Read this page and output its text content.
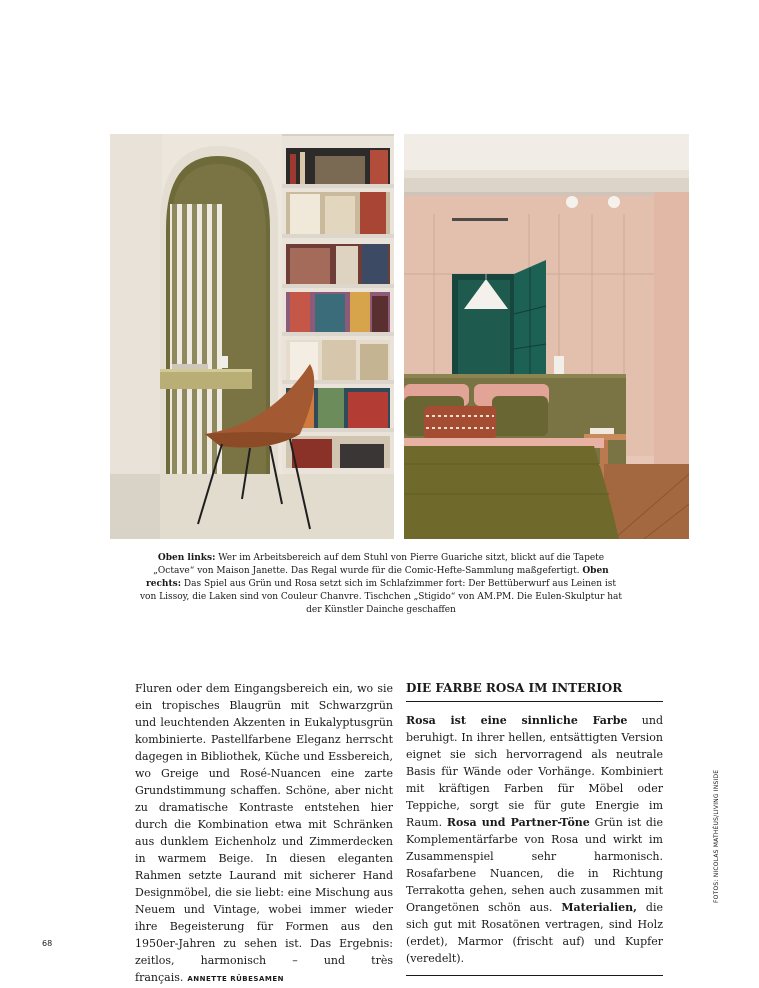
Oben links: Wer im Arbeitsbereich auf dem Stuhl von Pierre Guariche sitzt, blickt auf die Tapete „Octave“ von Maison Janette. Das Regal wurde für die Comic-Hefte-Sammlung maßgefertigt. Oben rechts: Das Spiel aus Grün und Rosa setzt sich im Schlafzimmer fort: Der Bettüberwurf aus Leinen ist von Lissoy, die Laken sind von Couleur Chanvre. Tischchen „Stigido“ von AM.PM. Die Eulen-Skulptur hat der Künstler Dainche geschaffen
Fluren oder dem Eingangsbereich ein, wo sie ein tropisches Blaugrün mit Schwarzgrün und leuchtenden Akzenten in Eukalyptusgrün kombinierte. Pastellfarbene Eleganz herrscht dagegen in Bibliothek, Küche und Essbereich, wo Greige und Rosé-Nuancen eine zarte Grundstimmung schaffen. Schöne, aber nicht zu dramatische Kontraste entstehen hier durch die Kombination etwa mit Schränken aus dunklem Eichenholz und Zimmerdecken in warmem Beige. In diesen eleganten Rahmen setzte Laurand mit sicherer Hand Designmöbel, die sie liebt: eine Mischung aus Neuem und Vintage, wobei immer wieder ihre Begeisterung für Formen aus den 1950er-Jahren zu sehen ist. Das Ergebnis: zeitlos, harmonisch – und très français. ANNETTE RÜBESAMEN
DIE FARBE ROSA IM INTERIOR
Rosa ist eine sinnliche Farbe und beruhigt. In ihrer hellen, entsättigten Version eignet sie sich hervorragend als neutrale Basis für Wände oder Vorhänge. Kombiniert mit kräftigen Farben für Möbel oder Teppiche, sorgt sie für gute Energie im Raum. Rosa und Partner-Töne Grün ist die Komplementärfarbe von Rosa und wirkt im Zusammenspiel sehr harmonisch. Rosafarbene Nuancen, die in Richtung Terrakotta gehen, sehen auch zusammen mit Orangetönen schön aus. Materialien, die sich gut mit Rosatönen vertragen, sind Holz (erdet), Marmor (frischt auf) und Kupfer (veredelt).
FOTOS: NICOLAS MATHÉUS/LIVING INSIDE
68
